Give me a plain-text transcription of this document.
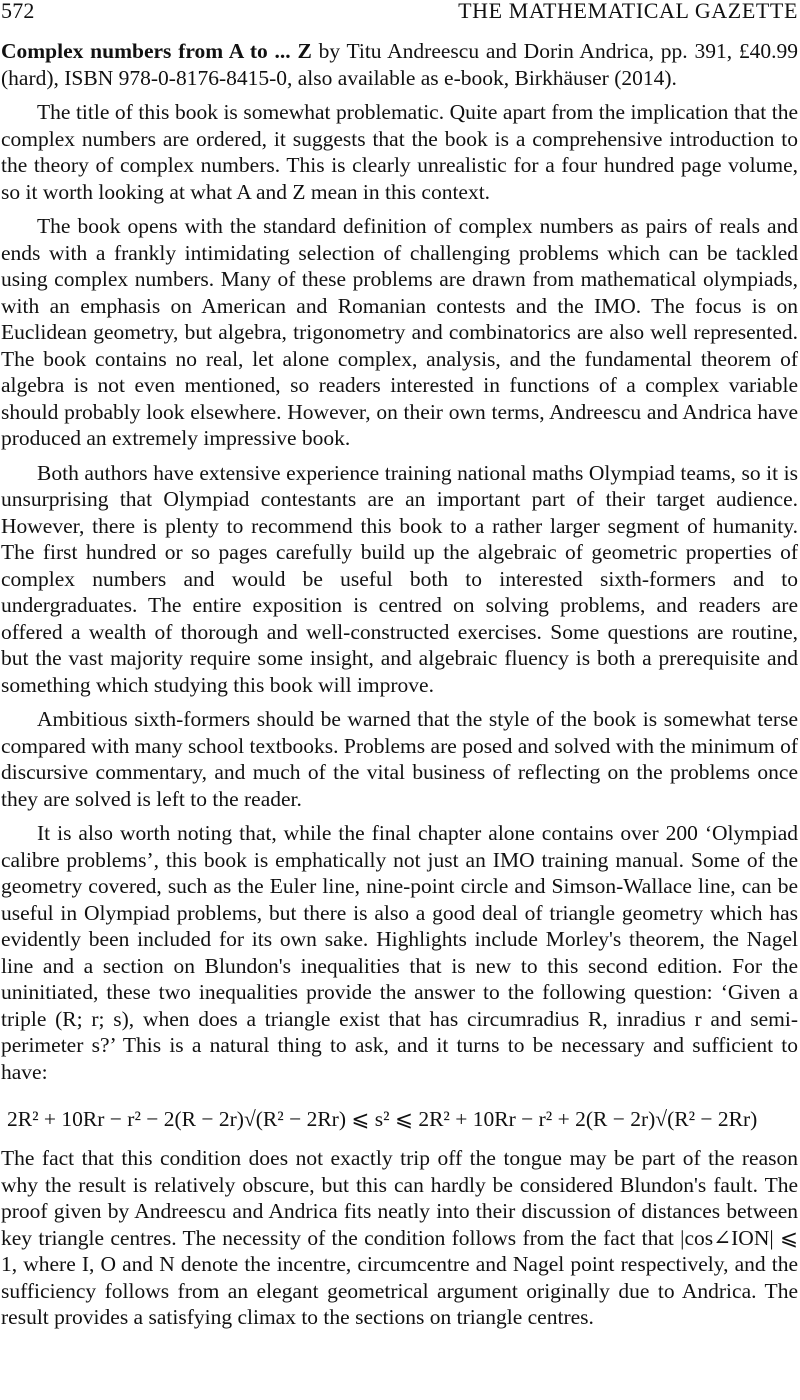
572	THE MATHEMATICAL GAZETTE

Complex numbers from A to ... Z by Titu Andreescu and Dorin Andrica, pp. 391, £40.99 (hard), ISBN 978-0-8176-8415-0, also available as e-book, Birkhäuser (2014).

The title of this book is somewhat problematic. Quite apart from the implication that the complex numbers are ordered, it suggests that the book is a comprehensive introduction to the theory of complex numbers. This is clearly unrealistic for a four hundred page volume, so it worth looking at what A and Z mean in this context.

The book opens with the standard definition of complex numbers as pairs of reals and ends with a frankly intimidating selection of challenging problems which can be tackled using complex numbers. Many of these problems are drawn from mathematical olympiads, with an emphasis on American and Romanian contests and the IMO. The focus is on Euclidean geometry, but algebra, trigonometry and combinatorics are also well represented. The book contains no real, let alone complex, analysis, and the fundamental theorem of algebra is not even mentioned, so readers interested in functions of a complex variable should probably look elsewhere. However, on their own terms, Andreescu and Andrica have produced an extremely impressive book.

Both authors have extensive experience training national maths Olympiad teams, so it is unsurprising that Olympiad contestants are an important part of their target audience. However, there is plenty to recommend this book to a rather larger segment of humanity. The first hundred or so pages carefully build up the algebraic of geometric properties of complex numbers and would be useful both to interested sixth-formers and to undergraduates. The entire exposition is centred on solving problems, and readers are offered a wealth of thorough and well-constructed exercises. Some questions are routine, but the vast majority require some insight, and algebraic fluency is both a prerequisite and something which studying this book will improve.

Ambitious sixth-formers should be warned that the style of the book is somewhat terse compared with many school textbooks. Problems are posed and solved with the minimum of discursive commentary, and much of the vital business of reflecting on the problems once they are solved is left to the reader.

It is also worth noting that, while the final chapter alone contains over 200 ‘Olympiad calibre problems’, this book is emphatically not just an IMO training manual. Some of the geometry covered, such as the Euler line, nine-point circle and Simson-Wallace line, can be useful in Olympiad problems, but there is also a good deal of triangle geometry which has evidently been included for its own sake. Highlights include Morley's theorem, the Nagel line and a section on Blundon's inequalities that is new to this second edition. For the uninitiated, these two inequalities provide the answer to the following question: ‘Given a triple (R; r; s), when does a triangle exist that has circumradius R, inradius r and semi-perimeter s?’ This is a natural thing to ask, and it turns to be necessary and sufficient to have:

2R² + 10Rr − r² − 2(R − 2r)√(R² − 2Rr) ⩽ s² ⩽ 2R² + 10Rr − r² + 2(R − 2r)√(R² − 2Rr)

The fact that this condition does not exactly trip off the tongue may be part of the reason why the result is relatively obscure, but this can hardly be considered Blundon's fault. The proof given by Andreescu and Andrica fits neatly into their discussion of distances between key triangle centres. The necessity of the condition follows from the fact that |cos∠ION| ⩽ 1, where I, O and N denote the incentre, circumcentre and Nagel point respectively, and the sufficiency follows from an elegant geometrical argument originally due to Andrica. The result provides a satisfying climax to the sections on triangle centres.
